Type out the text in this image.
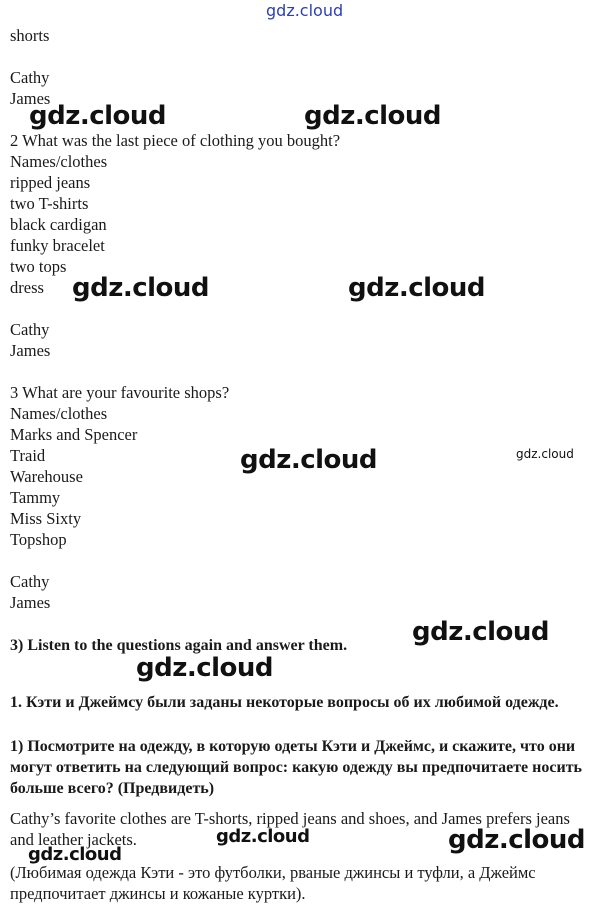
gdz.cloud
shorts
Cathy
James
2 What was the last piece of clothing you bought?
Names/clothes
ripped jeans
two T-shirts
black cardigan
funky bracelet
two tops
dress
Cathy
James
3 What are your favourite shops?
Names/clothes
Marks and Spencer
Traid
Warehouse
Tammy
Miss Sixty
Topshop
Cathy
James
3) Listen to the questions again and answer them.
1. Кэти и Джеймсу были заданы некоторые вопросы об их любимой одежде.
1) Посмотрите на одежду, в которую одеты Кэти и Джеймс, и скажите, что они могут ответить на следующий вопрос: какую одежду вы предпочитаете носить больше всего? (Предвидеть)
Cathy’s favorite clothes are T-shorts, ripped jeans and shoes, and James prefers jeans and leather jackets.
(Любимая одежда Кэти - это футболки, рваные джинсы и туфли, а Джеймс предпочитает джинсы и кожаные куртки).
gdz.cloud	gdz.cloud
gdz.cloud	gdz.cloud
gdz.cloud	gdz.cloud
gdz.cloud
gdz.cloud
gdz.cloud	gdz.cloud
gdz.cloud
